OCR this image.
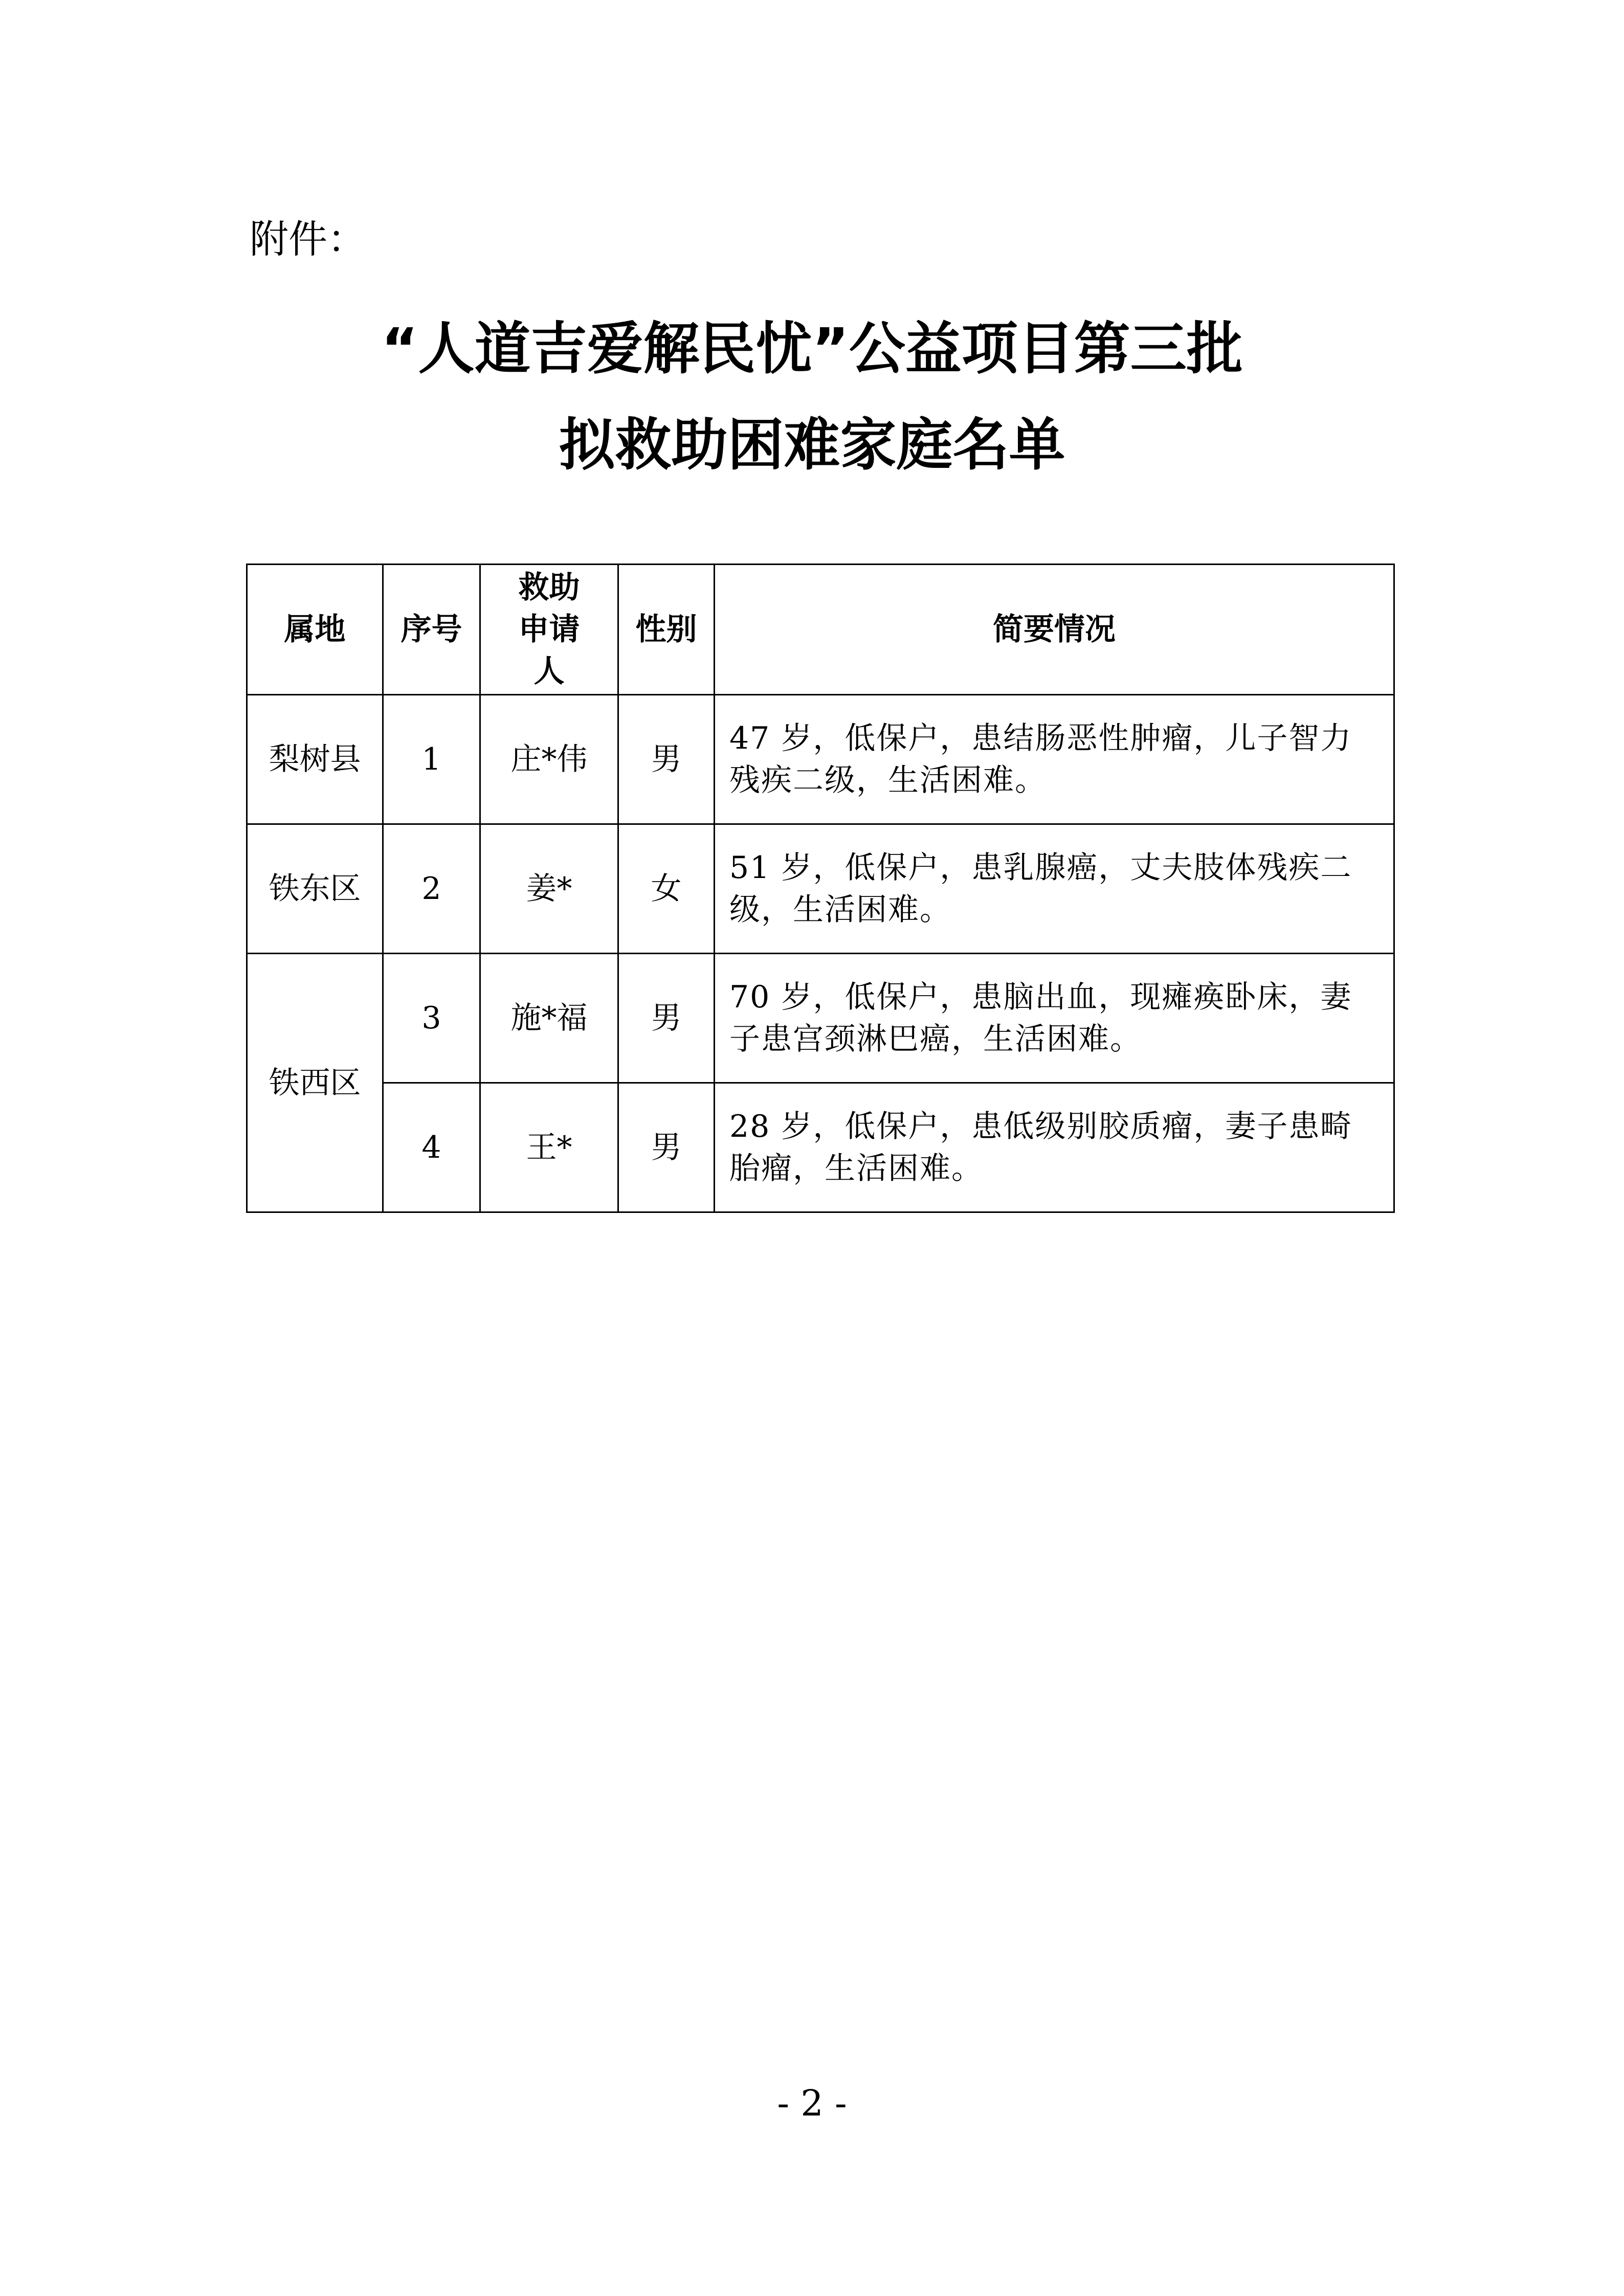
附件：
“人道吉爱解民忧”公益项目第三批
拟救助困难家庭名单
属地	序号	救助申请人	性别	简要情况
梨树县	1	庄*伟	男	47 岁，低保户，患结肠恶性肿瘤，儿子智力残疾二级，生活困难。
铁东区	2	姜*	女	51 岁，低保户，患乳腺癌，丈夫肢体残疾二级，生活困难。
铁西区	3	施*福	男	70 岁，低保户，患脑出血，现瘫痪卧床，妻子患宫颈淋巴癌，生活困难。
	4	王*	男	28 岁，低保户，患低级别胶质瘤，妻子患畸胎瘤，生活困难。
- 2 -
